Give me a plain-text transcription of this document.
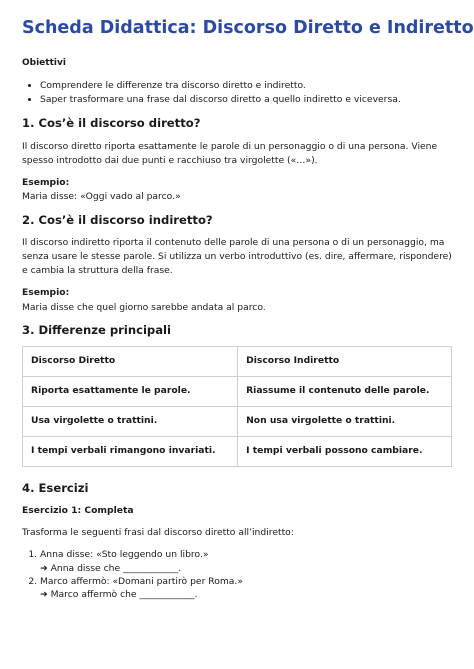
Scheda Didattica: Discorso Diretto e Indiretto
Obiettivi
• Comprendere le differenze tra discorso diretto e indiretto.
• Saper trasformare una frase dal discorso diretto a quello indiretto e viceversa.
1. Cos’è il discorso diretto?

Il discorso diretto riporta esattamente le parole di un personaggio o di una persona. Viene spesso introdotto dai due punti e racchiuso tra virgolette («…»).

Esempio:
Maria disse: «Oggi vado al parco.»
2. Cos’è il discorso indiretto?

Il discorso indiretto riporta il contenuto delle parole di una persona o di un personaggio, ma senza usare le stesse parole. Si utilizza un verbo introduttivo (es. dire, affermare, rispondere) e cambia la struttura della frase.

Esempio:
Maria disse che quel giorno sarebbe andata al parco.
3. Differenze principali
Discorso Diretto	Discorso Indiretto
Riporta esattamente le parole.	Riassume il contenuto delle parole.
Usa virgolette o trattini.	Non usa virgolette o trattini.
I tempi verbali rimangono invariati.	I tempi verbali possono cambiare.
4. Esercizi
Esercizio 1: Completa

Trasforma le seguenti frasi dal discorso diretto all’indiretto:

1. Anna disse: «Sto leggendo un libro.»
➜ Anna disse che ____________.
2. Marco affermò: «Domani partirò per Roma.»
➜ Marco affermò che ____________.
